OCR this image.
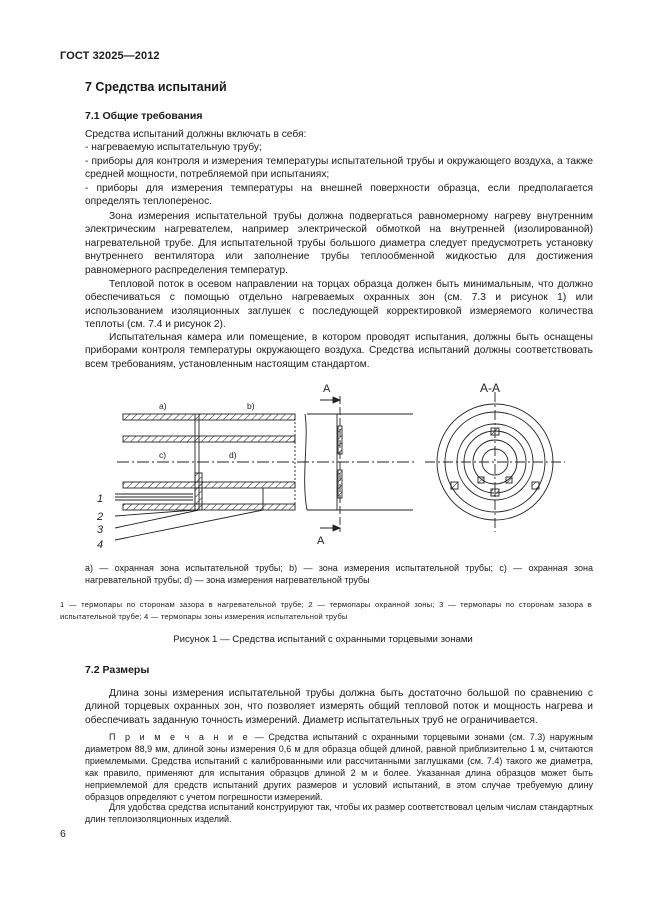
ГОСТ 32025—2012
7 Средства испытаний
7.1 Общие требования
Средства испытаний должны включать в себя:
- нагреваемую испытательную трубу;
- приборы для контроля и измерения температуры испытательной трубы и окружающего воздуха, а также средней мощности, потребляемой при испытаниях;
- приборы для измерения температуры на внешней поверхности образца, если предполагается определять теплоперенос.

Зона измерения испытательной трубы должна подвергаться равномерному нагреву внутренним электрическим нагревателем, например электрической обмоткой на внутренней (изолированной) нагревательной трубе. Для испытательной трубы большого диаметра следует предусмотреть установку внутреннего вентилятора или заполнение трубы теплообменной жидкостью для достижения равномерного распределения температур.

Тепловой поток в осевом направлении на торцах образца должен быть минимальным, что должно обеспечиваться с помощью отдельно нагреваемых охранных зон (см. 7.3 и рисунок 1) или использованием изоляционных заглушек с последующей корректировкой измеряемого количества теплоты (см. 7.4 и рисунок 2).

Испытательная камера или помещение, в котором проводят испытания, должны быть оснащены приборами контроля температуры окружающего воздуха. Средства испытаний должны соответствовать всем требованиям, установленным настоящим стандартом.

a)	b)
c)	d)
A
A
А-А
1
2
3
4

a) — охранная зона испытательной трубы; b) — зона измерения испытательной трубы; c) — охранная зона нагревательной трубы; d) — зона измерения нагревательной трубы

1 — термопары по сторонам зазора в нагревательной трубе; 2 — термопары охранной зоны; 3 — термопары по сторонам зазора в испытательной трубе; 4 — термопары зоны измерения испытательной трубы

Рисунок 1 — Средства испытаний с охранными торцевыми зонами
7.2 Размеры

Длина зоны измерения испытательной трубы должна быть достаточно большой по сравнению с длиной торцевых охранных зон, что позволяет измерять общий тепловой поток и мощность нагрева и обеспечивать заданную точность измерений. Диаметр испытательных труб не ограничивается.

П р и м е ч а н и е — Средства испытаний с охранными торцевыми зонами (см. 7.3) наружным диаметром 88,9 мм, длиной зоны измерения 0,6 м для образца общей длиной, равной приблизительно 1 м, считаются приемлемыми. Средства испытаний с калиброванными или рассчитанными заглушками (см. 7.4) такого же диаметра, как правило, применяют для испытания образцов длиной 2 м и более. Указанная длина образцов может быть неприемлемой для средств испытаний других размеров и условий испытаний, в этом случае требуемую длину образцов определяют с учетом погрешности измерений.

Для удобства средства испытаний конструируют так, чтобы их размер соответствовал целым числам стандартных длин теплоизоляционных изделий.

6
